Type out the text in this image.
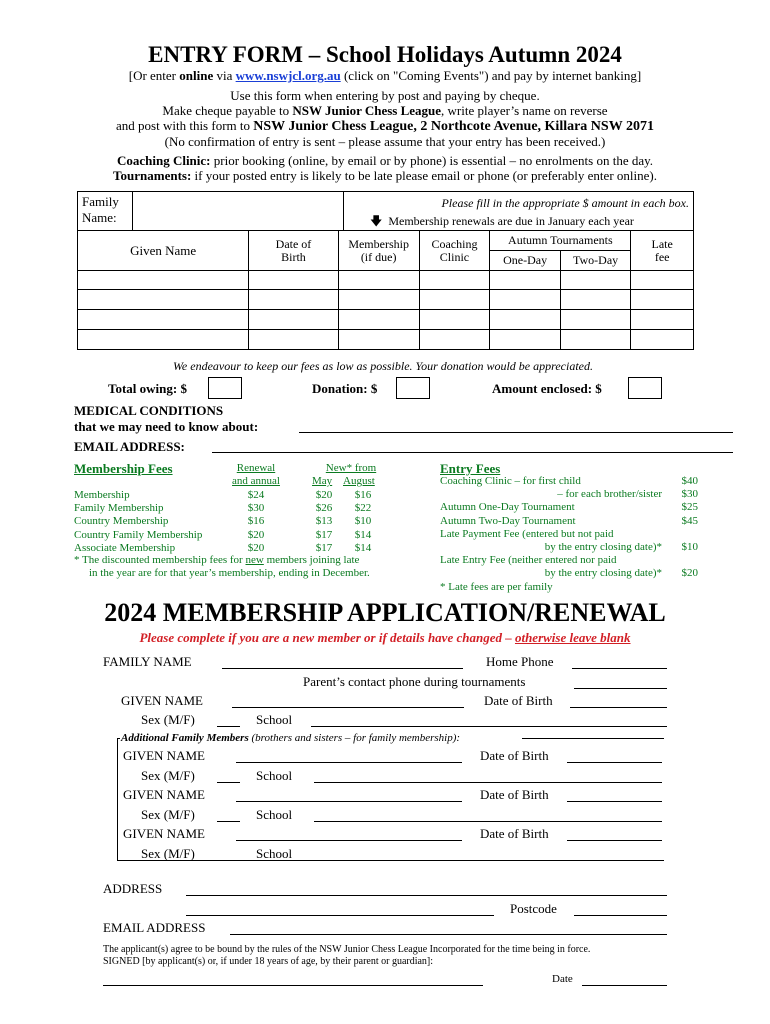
ENTRY FORM – School Holidays Autumn 2024
[Or enter online via www.nswjcl.org.au (click on "Coming Events") and pay by internet banking]
Use this form when entering by post and paying by cheque.
Make cheque payable to NSW Junior Chess League, write player’s name on reverse
and post with this form to NSW Junior Chess League, 2 Northcote Avenue, Killara NSW 2071
(No confirmation of entry is sent – please assume that your entry has been received.)
Coaching Clinic: prior booking (online, by email or by phone) is essential – no enrolments on the day.
Tournaments: if your posted entry is likely to be late please email or phone (or preferably enter online).
Family Name:
Please fill in the appropriate $ amount in each box.
🡇 Membership renewals are due in January each year
Given Name	Date of Birth	Membership (if due)	Coaching Clinic	Autumn Tournaments		Late fee

				One-Day	Two-Day	

We endeavour to keep our fees as low as possible. Your donation would be appreciated.
Total owing: $	Donation: $	Amount enclosed: $
MEDICAL CONDITIONS
that we may need to know about:
EMAIL ADDRESS:
Membership Fees	Renewal
and annual
New* from
May August
Membership	$24	$20	$16
Family Membership	$30	$26	$22
Country Membership	$16	$13	$10
Country Family Membership	$20	$17	$14
Associate Membership	$20	$17	$14
* The discounted membership fees for new members joining late
in the year are for that year’s membership, ending in December.
Entry Fees
Coaching Clinic – for first child	$40
– for each brother/sister	$30
Autumn One-Day Tournament	$25
Autumn Two-Day Tournament	$45
Late Payment Fee (entered but not paid
by the entry closing date)*	$10
Late Entry Fee (neither entered nor paid
by the entry closing date)*	$20
* Late fees are per family
2024 MEMBERSHIP APPLICATION/RENEWAL
Please complete if you are a new member or if details have changed – otherwise leave blank
FAMILY NAME	Home Phone
Parent’s contact phone during tournaments
GIVEN NAME	Date of Birth
Sex (M/F)	School
Additional Family Members (brothers and sisters – for family membership):
GIVEN NAME	Date of Birth
Sex (M/F)	School
GIVEN NAME	Date of Birth
Sex (M/F)	School
GIVEN NAME	Date of Birth
Sex (M/F)	School
ADDRESS
Postcode
EMAIL ADDRESS
The applicant(s) agree to be bound by the rules of the NSW Junior Chess League Incorporated for the time being in force.
SIGNED [by applicant(s) or, if under 18 years of age, by their parent or guardian]:
Date
